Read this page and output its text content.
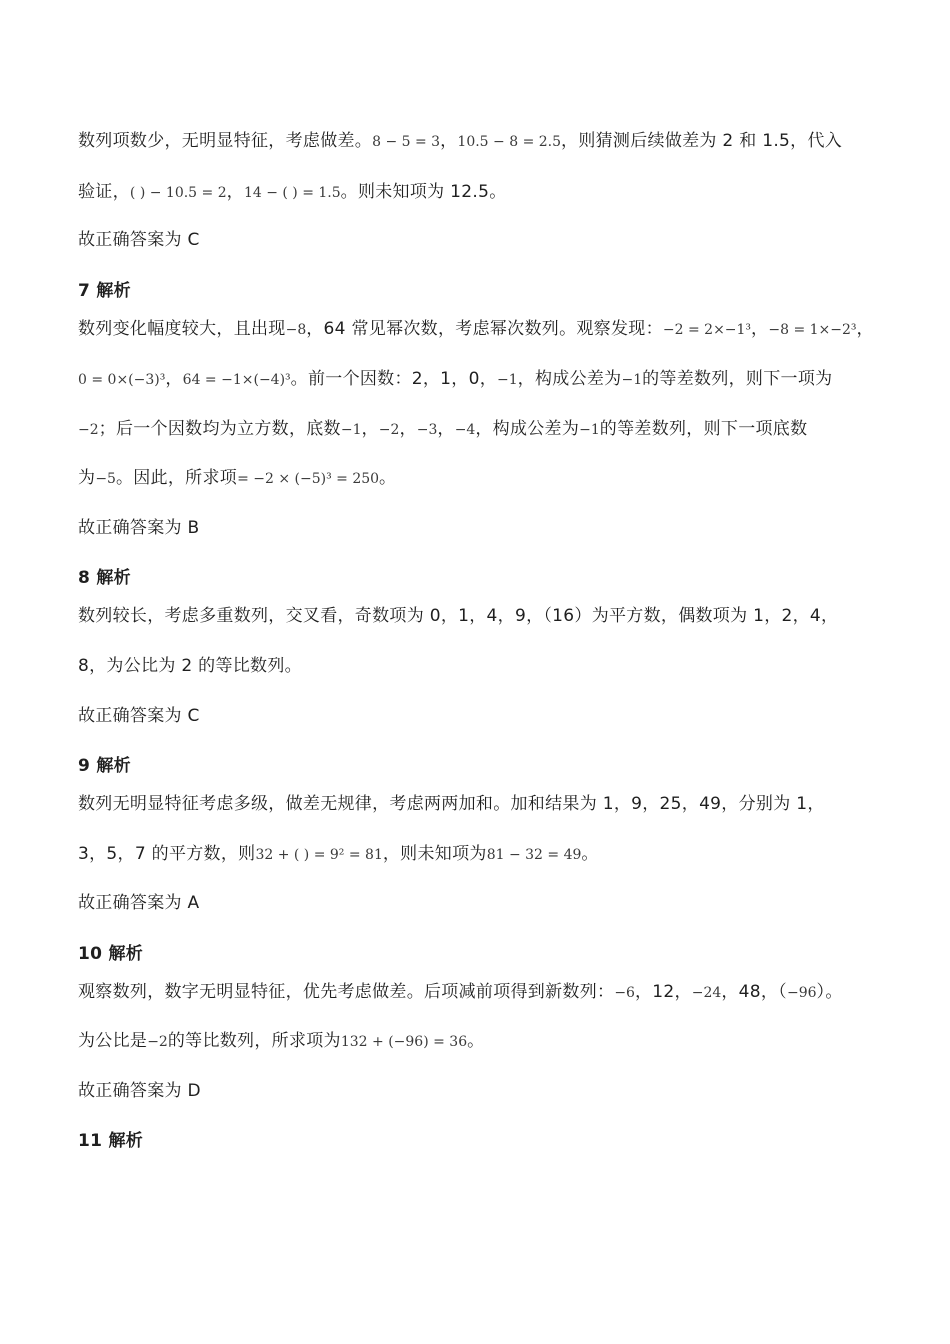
数列项数少，无明显特征，考虑做差。8 − 5 = 3，10.5 − 8 = 2.5，则猜测后续做差为 2 和 1.5，代入
验证，( ) − 10.5 = 2，14 − ( ) = 1.5。则未知项为 12.5。
故正确答案为 C
7 解析
数列变化幅度较大，且出现−8，64 常见幂次数，考虑幂次数列。观察发现：−2 = 2×−1³，−8 = 1×−2³，
0 = 0×(−3)³，64 = −1×(−4)³。前一个因数：2，1，0，−1，构成公差为−1的等差数列，则下一项为
−2；后一个因数均为立方数，底数−1，−2，−3，−4，构成公差为−1的等差数列，则下一项底数
为−5。因此，所求项= −2 × (−5)³ = 250。
故正确答案为 B
8 解析
数列较长，考虑多重数列，交叉看，奇数项为 0，1，4，9，（16）为平方数，偶数项为 1，2，4，
8，为公比为 2 的等比数列。
故正确答案为 C
9 解析
数列无明显特征考虑多级，做差无规律，考虑两两加和。加和结果为 1，9，25，49，分别为 1，
3，5，7 的平方数，则32 + ( ) = 9² = 81，则未知项为81 − 32 = 49。
故正确答案为 A
10 解析
观察数列，数字无明显特征，优先考虑做差。后项减前项得到新数列：−6，12，−24，48，（−96）。
为公比是−2的等比数列，所求项为132 + (−96) = 36。
故正确答案为 D
11 解析
